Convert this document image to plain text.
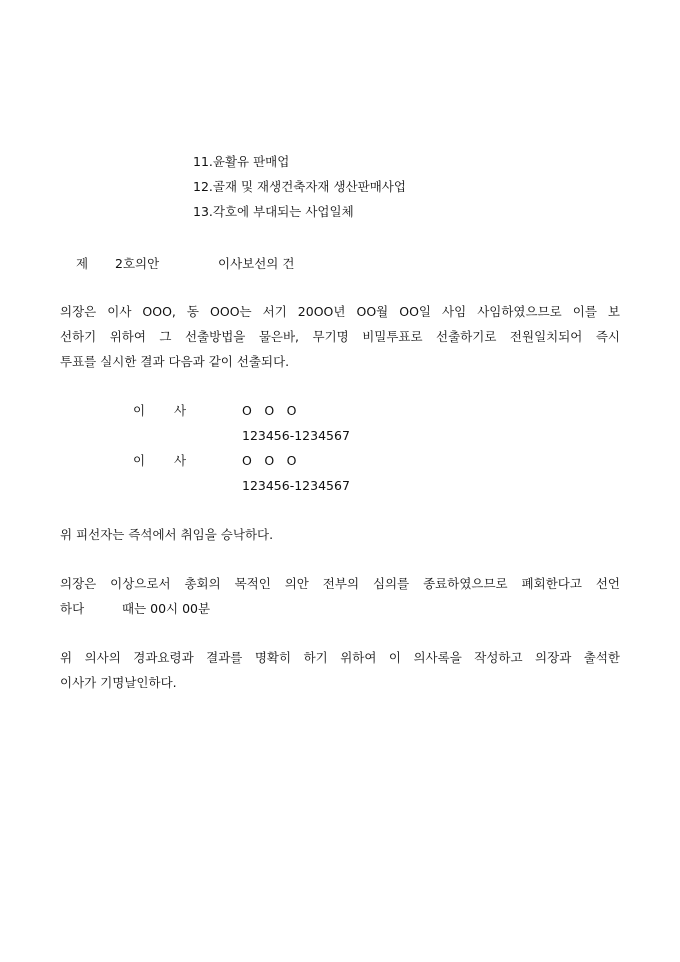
11.윤활유 판매업
12.골재 및 재생건축자재 생산판매사업
13.각호에 부대되는 사업일체
제 2호의안	이사보선의 건
의장은 이사 OOO, 동 OOO는 서기 20OO년 OO월 OO일 사임 사임하였으므로 이를 보
선하기 위하여 그 선출방법을 물은바, 무기명 비밀투표로 선출하기로 전원일치되어 즉시
투표를 실시한 결과 다음과 같이 선출되다.
이 사	O　O　O
123456-1234567
이 사	O　O　O
123456-1234567
위 피선자는 즉석에서 취임을 승낙하다.
의장은 이상으로서 총회의 목적인 의안 전부의 심의를 종료하였으므로 폐회한다고 선언
하다	때는 00시 00분
위 의사의 경과요령과 결과를 명확히 하기 위하여 이 의사록을 작성하고 의장과 출석한
이사가 기명날인하다.
